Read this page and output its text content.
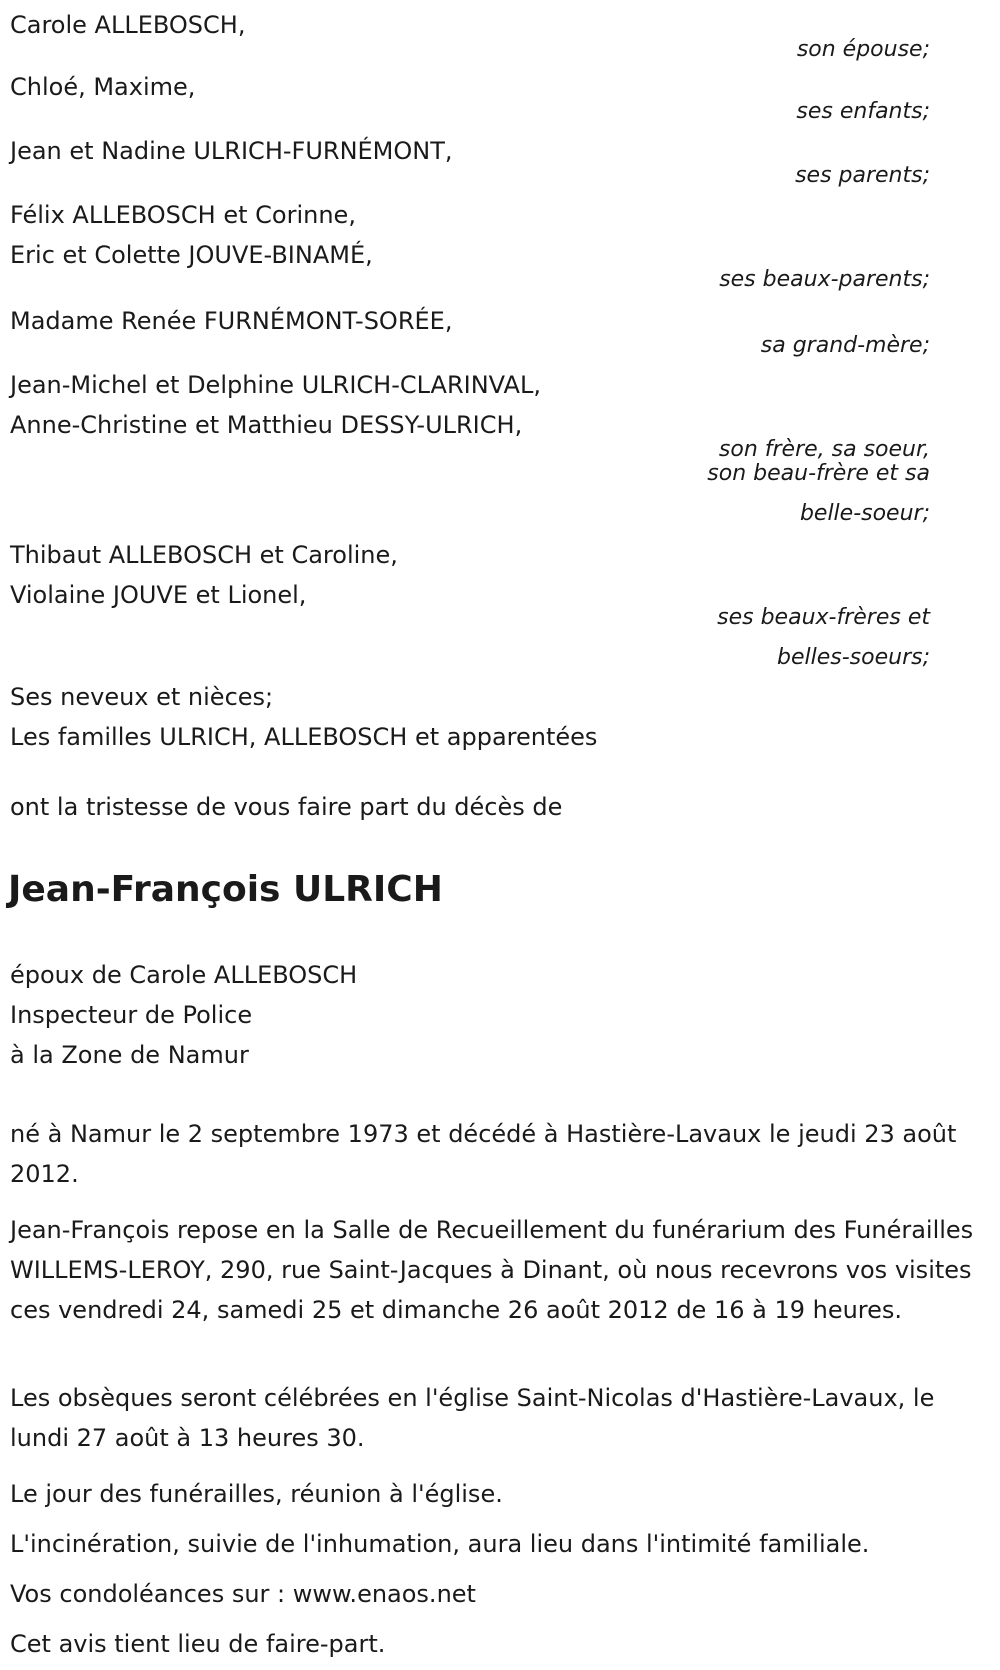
Carole ALLEBOSCH,
son épouse;
Chloé, Maxime,
ses enfants;
Jean et Nadine ULRICH-FURNÉMONT,
ses parents;
Félix ALLEBOSCH et Corinne,
Eric et Colette JOUVE-BINAMÉ,
ses beaux-parents;
Madame Renée FURNÉMONT-SORÉE,
sa grand-mère;
Jean-Michel et Delphine ULRICH-CLARINVAL,
Anne-Christine et Matthieu DESSY-ULRICH,
son frère, sa soeur,
son beau-frère et sa
belle-soeur;
Thibaut ALLEBOSCH et Caroline,
Violaine JOUVE et Lionel,
ses beaux-frères et
belles-soeurs;
Ses neveux et nièces;
Les familles ULRICH, ALLEBOSCH et apparentées
ont la tristesse de vous faire part du décès de
Jean-François ULRICH
époux de Carole ALLEBOSCH
Inspecteur de Police
à la Zone de Namur
né à Namur le 2 septembre 1973 et décédé à Hastière-Lavaux le jeudi 23 août 2012.
Jean-François repose en la Salle de Recueillement du funérarium des Funérailles WILLEMS-LEROY, 290, rue Saint-Jacques à Dinant, où nous recevrons vos visites ces vendredi 24, samedi 25 et dimanche 26 août 2012 de 16 à 19 heures.
Les obsèques seront célébrées en l'église Saint-Nicolas d'Hastière-Lavaux, le lundi 27 août à 13 heures 30.
Le jour des funérailles, réunion à l'église.
L'incinération, suivie de l'inhumation, aura lieu dans l'intimité familiale.
Vos condoléances sur : www.enaos.net
Cet avis tient lieu de faire-part.
